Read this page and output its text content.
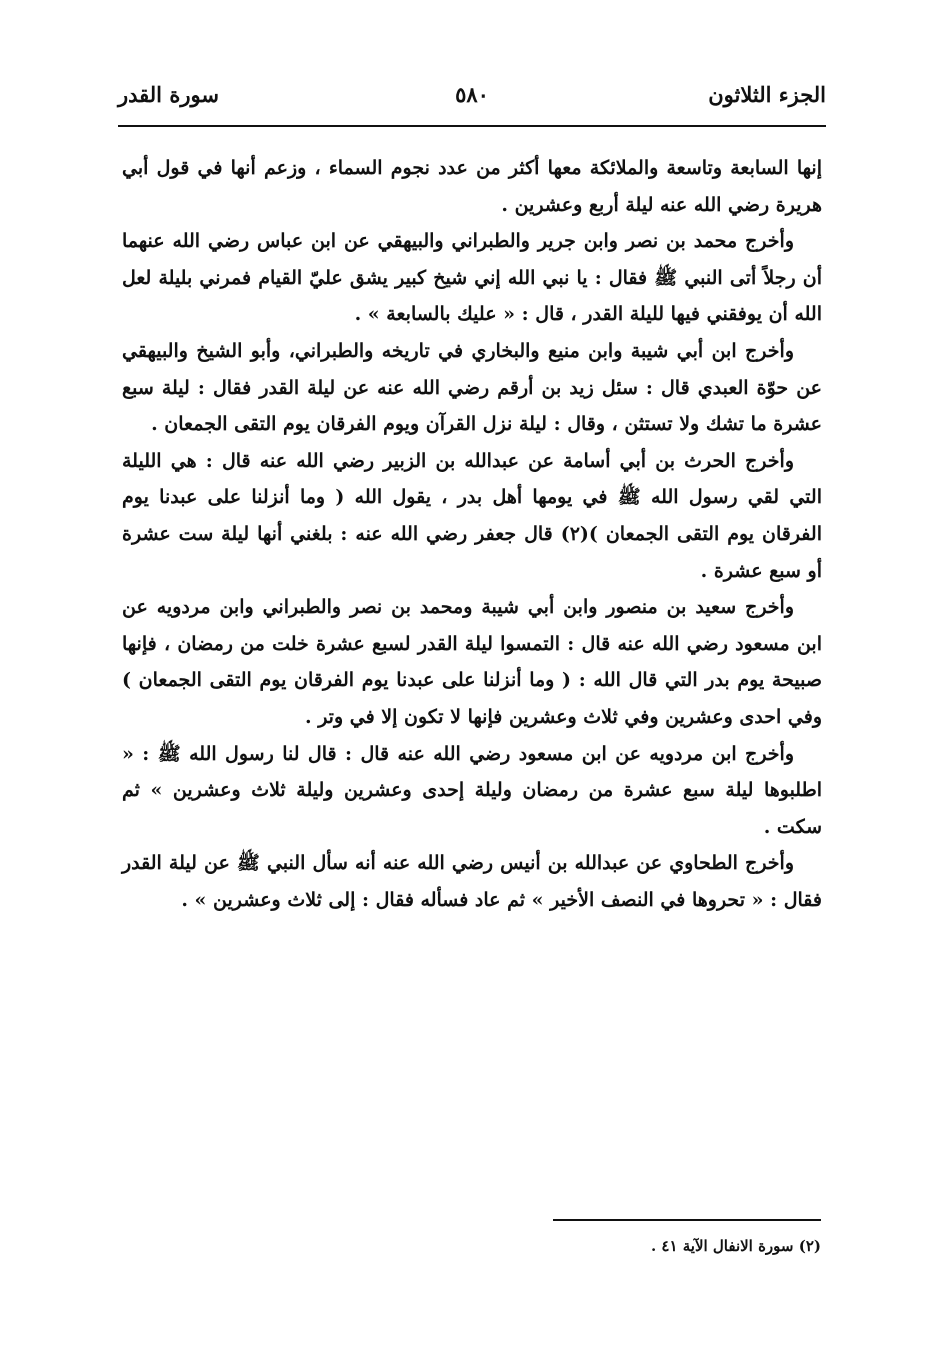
الجزء الثلاثون
٥٨٠
سورة القدر

إنها السابعة وتاسعة والملائكة معها أكثر من عدد نجوم السماء ، وزعم أنها في قول أبي هريرة رضي الله عنه ليلة أربع وعشرين .

وأخرج محمد بن نصر وابن جرير والطبراني والبيهقي عن ابن عباس رضي الله عنهما أن رجلاً أتى النبي ﷺ فقال : يا نبي الله إني شيخ كبير يشق عليّ القيام فمرني بليلة لعل الله أن يوفقني فيها لليلة القدر ، قال : « عليك بالسابعة » .

وأخرج ابن أبي شيبة وابن منيع والبخاري في تاريخه والطبراني، وأبو الشيخ والبيهقي عن حوّة العبدي قال : سئل زيد بن أرقم رضي الله عنه عن ليلة القدر فقال : ليلة سبع عشرة ما تشك ولا تستثن ، وقال : ليلة نزل القرآن ويوم الفرقان يوم التقى الجمعان .

وأخرج الحرث بن أبي أسامة عن عبدالله بن الزبير رضي الله عنه قال : هي الليلة التي لقي رسول الله ﷺ في يومها أهل بدر ، يقول الله ( وما أنزلنا على عبدنا يوم الفرقان يوم التقى الجمعان )(٢) قال جعفر رضي الله عنه : بلغني أنها ليلة ست عشرة أو سبع عشرة .

وأخرج سعيد بن منصور وابن أبي شيبة ومحمد بن نصر والطبراني وابن مردويه عن ابن مسعود رضي الله عنه قال : التمسوا ليلة القدر لسبع عشرة خلت من رمضان ، فإنها صبيحة يوم بدر التي قال الله : ( وما أنزلنا على عبدنا يوم الفرقان يوم التقى الجمعان ) وفي احدى وعشرين وفي ثلاث وعشرين فإنها لا تكون إلا في وتر .

وأخرج ابن مردويه عن ابن مسعود رضي الله عنه قال : قال لنا رسول الله ﷺ : « اطلبوها ليلة سبع عشرة من رمضان وليلة إحدى وعشرين وليلة ثلاث وعشرين » ثم سكت .

وأخرج الطحاوي عن عبدالله بن أنيس رضي الله عنه أنه سأل النبي ﷺ عن ليلة القدر فقال : « تحروها في النصف الأخير » ثم عاد فسأله فقال : إلى ثلاث وعشرين » .

(٢) سورة الانفال الآية ٤١ .
